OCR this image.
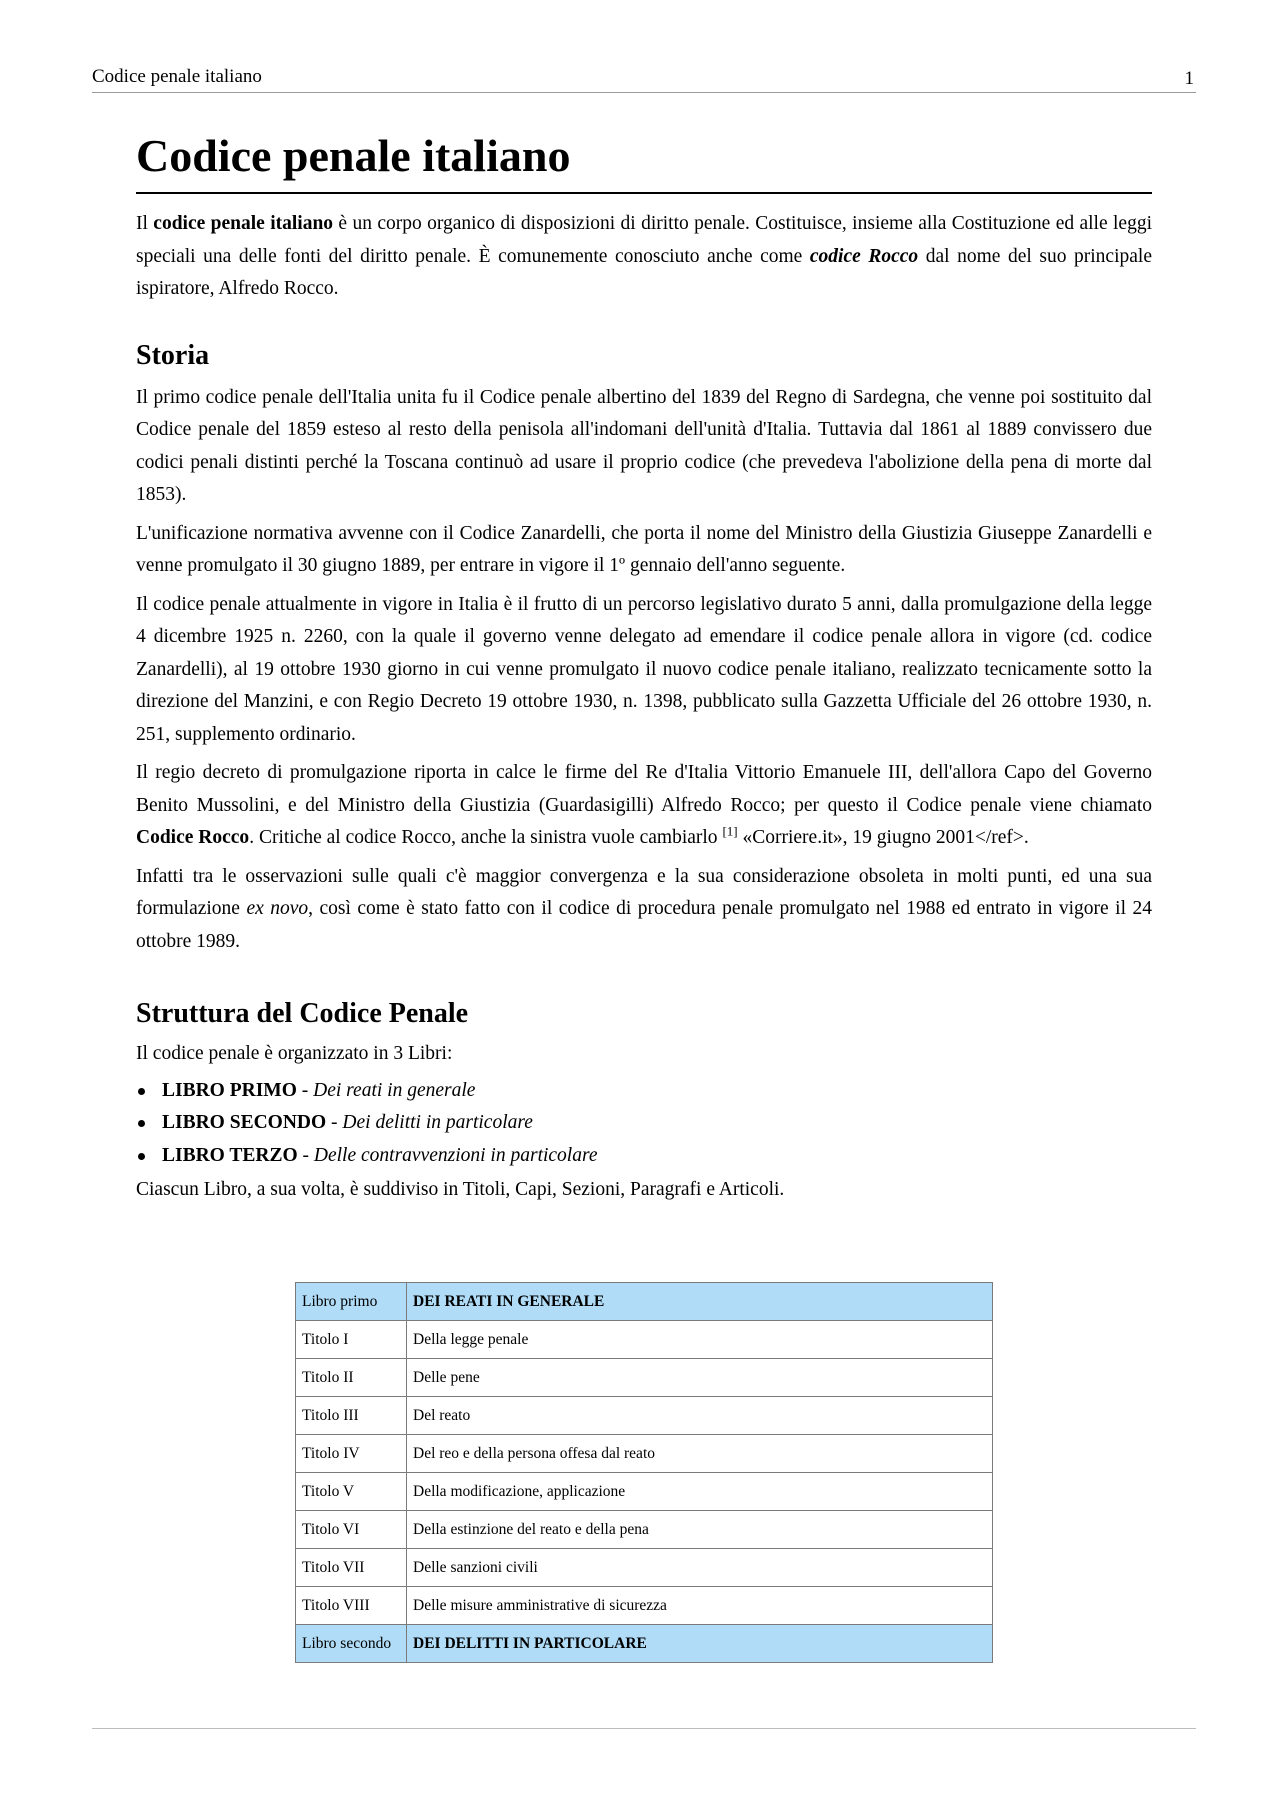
Codice penale italiano	1
Codice penale italiano

Il codice penale italiano è un corpo organico di disposizioni di diritto penale. Costituisce, insieme alla Costituzione ed alle leggi speciali una delle fonti del diritto penale. È comunemente conosciuto anche come codice Rocco dal nome del suo principale ispiratore, Alfredo Rocco.

Storia

Il primo codice penale dell'Italia unita fu il Codice penale albertino del 1839 del Regno di Sardegna, che venne poi sostituito dal Codice penale del 1859 esteso al resto della penisola all'indomani dell'unità d'Italia. Tuttavia dal 1861 al 1889 convissero due codici penali distinti perché la Toscana continuò ad usare il proprio codice (che prevedeva l'abolizione della pena di morte dal 1853).

L'unificazione normativa avvenne con il Codice Zanardelli, che porta il nome del Ministro della Giustizia Giuseppe Zanardelli e venne promulgato il 30 giugno 1889, per entrare in vigore il 1º gennaio dell'anno seguente.

Il codice penale attualmente in vigore in Italia è il frutto di un percorso legislativo durato 5 anni, dalla promulgazione della legge 4 dicembre 1925 n. 2260, con la quale il governo venne delegato ad emendare il codice penale allora in vigore (cd. codice Zanardelli), al 19 ottobre 1930 giorno in cui venne promulgato il nuovo codice penale italiano, realizzato tecnicamente sotto la direzione del Manzini, e con Regio Decreto 19 ottobre 1930, n. 1398, pubblicato sulla Gazzetta Ufficiale del 26 ottobre 1930, n. 251, supplemento ordinario.

Il regio decreto di promulgazione riporta in calce le firme del Re d'Italia Vittorio Emanuele III, dell'allora Capo del Governo Benito Mussolini, e del Ministro della Giustizia (Guardasigilli) Alfredo Rocco; per questo il Codice penale viene chiamato Codice Rocco. Critiche al codice Rocco, anche la sinistra vuole cambiarlo [1] «Corriere.it», 19 giugno 2001</ref>.

Infatti tra le osservazioni sulle quali c'è maggior convergenza e la sua considerazione obsoleta in molti punti, ed una sua formulazione ex novo, così come è stato fatto con il codice di procedura penale promulgato nel 1988 ed entrato in vigore il 24 ottobre 1989.

Struttura del Codice Penale

Il codice penale è organizzato in 3 Libri:

LIBRO PRIMO - Dei reati in generale
LIBRO SECONDO - Dei delitti in particolare
LIBRO TERZO - Delle contravvenzioni in particolare

Ciascun Libro, a sua volta, è suddiviso in Titoli, Capi, Sezioni, Paragrafi e Articoli.

Libro primo	DEI REATI IN GENERALE
Titolo I	Della legge penale
Titolo II	Delle pene
Titolo III	Del reato
Titolo IV	Del reo e della persona offesa dal reato
Titolo V	Della modificazione, applicazione
Titolo VI	Della estinzione del reato e della pena
Titolo VII	Delle sanzioni civili
Titolo VIII	Delle misure amministrative di sicurezza
Libro secondo	DEI DELITTI IN PARTICOLARE
